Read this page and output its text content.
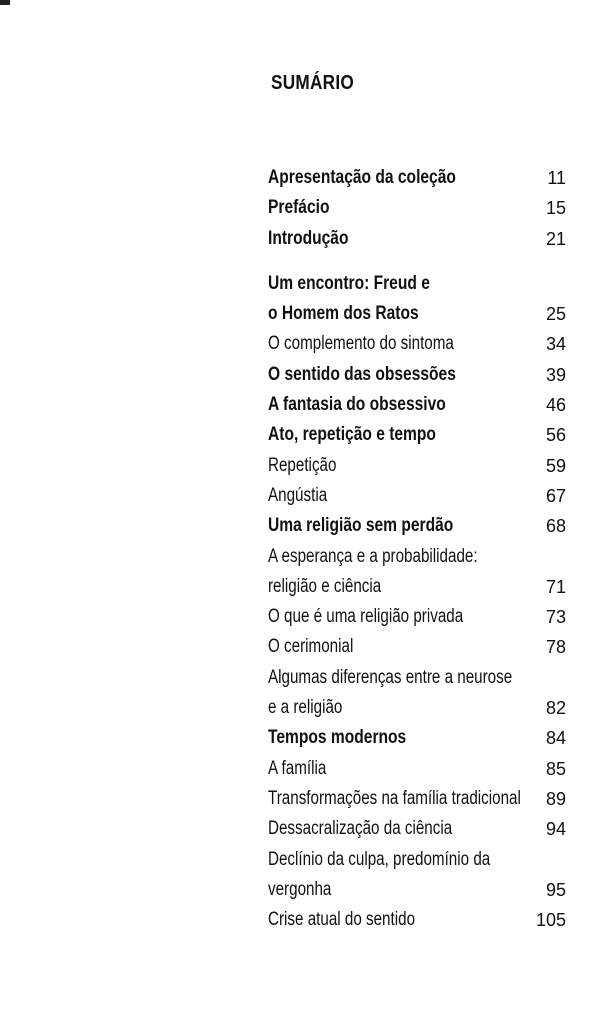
SUMÁRIO
Apresentação da coleção	11
Prefácio	15
Introdução	21
Um encontro: Freud e
o Homem dos Ratos	25
O complemento do sintoma	34
O sentido das obsessões	39
A fantasia do obsessivo	46
Ato, repetição e tempo	56
Repetição	59
Angústia	67
Uma religião sem perdão	68
A esperança e a probabilidade:
religião e ciência	71
O que é uma religião privada	73
O cerimonial	78
Algumas diferenças entre a neurose
e a religião	82
Tempos modernos	84
A família	85
Transformações na família tradicional 89
Dessacralização da ciência	94
Declínio da culpa, predomínio da
vergonha	95
Crise atual do sentido	105
